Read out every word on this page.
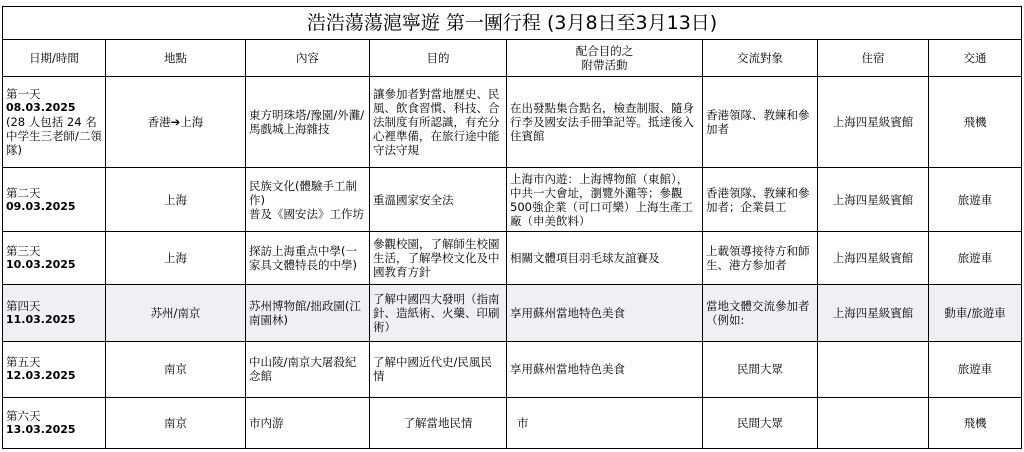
浩浩蕩蕩滬寧遊 第一團行程 (3月8日至3月13日)							
日期/時間	地點	內容	目的	配合目的之
附帶活動	交流對象	住宿	交通

第一天
08.03.2025
(28 人包括 24 名中学生三老師/二領隊)	香港➔上海	東方明珠塔/豫園/外灘/馬戲城上海雜技	讓參加者對當地歷史、民風、飲食習慣、科技、合法制度有所認識，有充分心裡準備，在旅行途中能守法守規	在出發點集合點名，檢查制服、隨身行李及國安法手冊筆記等。抵達後入住賓館	香港領隊、教練和參加者	上海四星級賓館	飛機

第二天
09.03.2025	上海	民族文化(體驗手工制作)
普及《國安法》工作坊	重溫國家安全法	上海市內遊：上海博物館（東館），中共一大會址，瀏覽外灘等；參觀500強企業（可口可樂）上海生產工廠（申美飲料）	香港領隊、教練和參加者；企業員工	上海四星級賓館	旅遊車

第三天
10.03.2025	上海	探訪上海重点中學(一家具文體特長的中學)	參觀校園，了解師生校園生活，了解學校文化及中國教育方針	相關文體項目羽毛球友誼賽及	上載領導接待方和師生、港方参加者	上海四星級賓館	旅遊車

第四天
11.03.2025	苏州/南京	苏州博物館/拙政園(江南園林)	了解中國四大發明（指南針、造紙術、火藥、印刷術）	享用蘇州當地特色美食	當地文體交流參加者（例如:	上海四星級賓館	動車/旅遊車

第五天
12.03.2025	南京	中山陵/南京大屠殺紀念館	了解中國近代史/民風民情	享用蘇州當地特色美食	民間大眾		旅遊車

第六天
13.03.2025	南京	市内游	了解當地民情	市	民間大眾		飛機
